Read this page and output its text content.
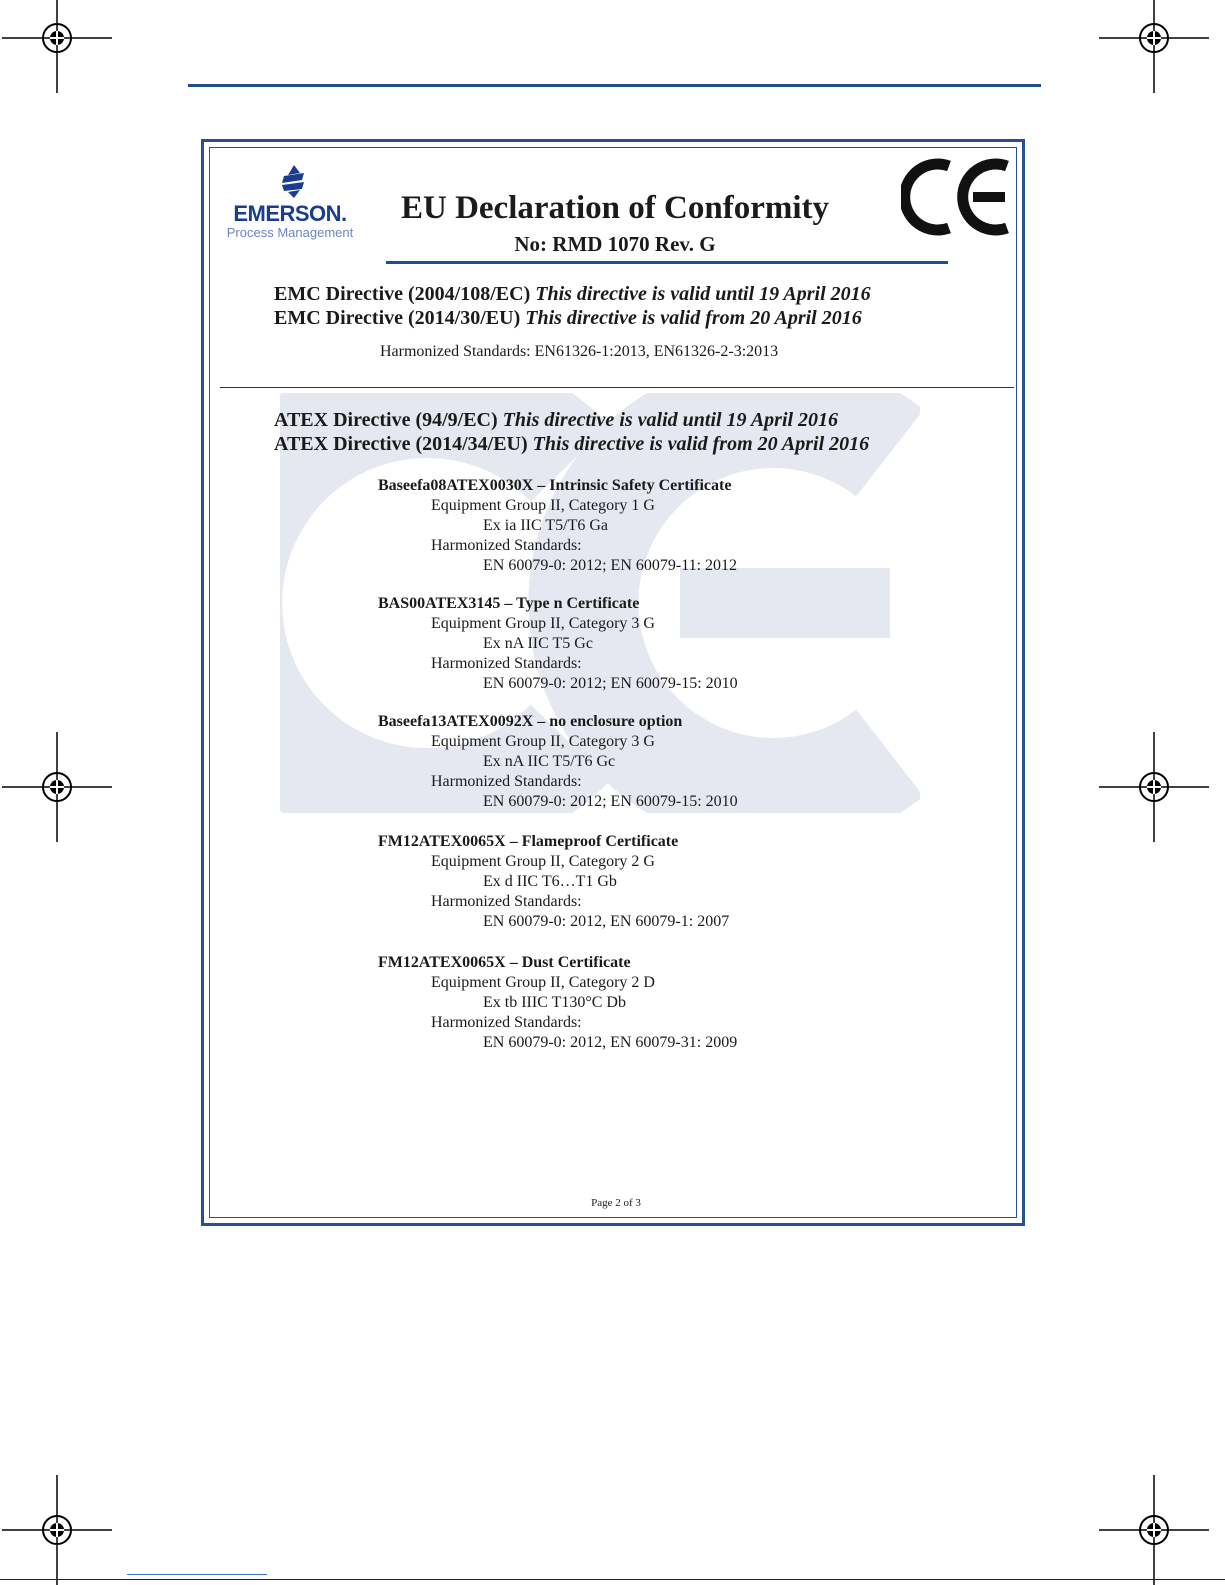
EMERSON.
Process Management
EU Declaration of Conformity
No: RMD 1070 Rev. G
EMC Directive (2004/108/EC) This directive is valid until 19 April 2016
EMC Directive (2014/30/EU) This directive is valid from 20 April 2016
Harmonized Standards: EN61326-1:2013, EN61326-2-3:2013
ATEX Directive (94/9/EC) This directive is valid until 19 April 2016
ATEX Directive (2014/34/EU) This directive is valid from 20 April 2016
Baseefa08ATEX0030X – Intrinsic Safety Certificate
Equipment Group II, Category 1 G
Ex ia IIC T5/T6 Ga
Harmonized Standards:
EN 60079-0: 2012; EN 60079-11: 2012
BAS00ATEX3145 – Type n Certificate
Equipment Group II, Category 3 G
Ex nA IIC T5 Gc
Harmonized Standards:
EN 60079-0: 2012; EN 60079-15: 2010
Baseefa13ATEX0092X – no enclosure option
Equipment Group II, Category 3 G
Ex nA IIC T5/T6 Gc
Harmonized Standards:
EN 60079-0: 2012; EN 60079-15: 2010
FM12ATEX0065X – Flameproof Certificate
Equipment Group II, Category 2 G
Ex d IIC T6…T1 Gb
Harmonized Standards:
EN 60079-0: 2012, EN 60079-1: 2007
FM12ATEX0065X – Dust Certificate
Equipment Group II, Category 2 D
Ex tb IIIC T130°C Db
Harmonized Standards:
EN 60079-0: 2012, EN 60079-31: 2009
Page 2 of 3
